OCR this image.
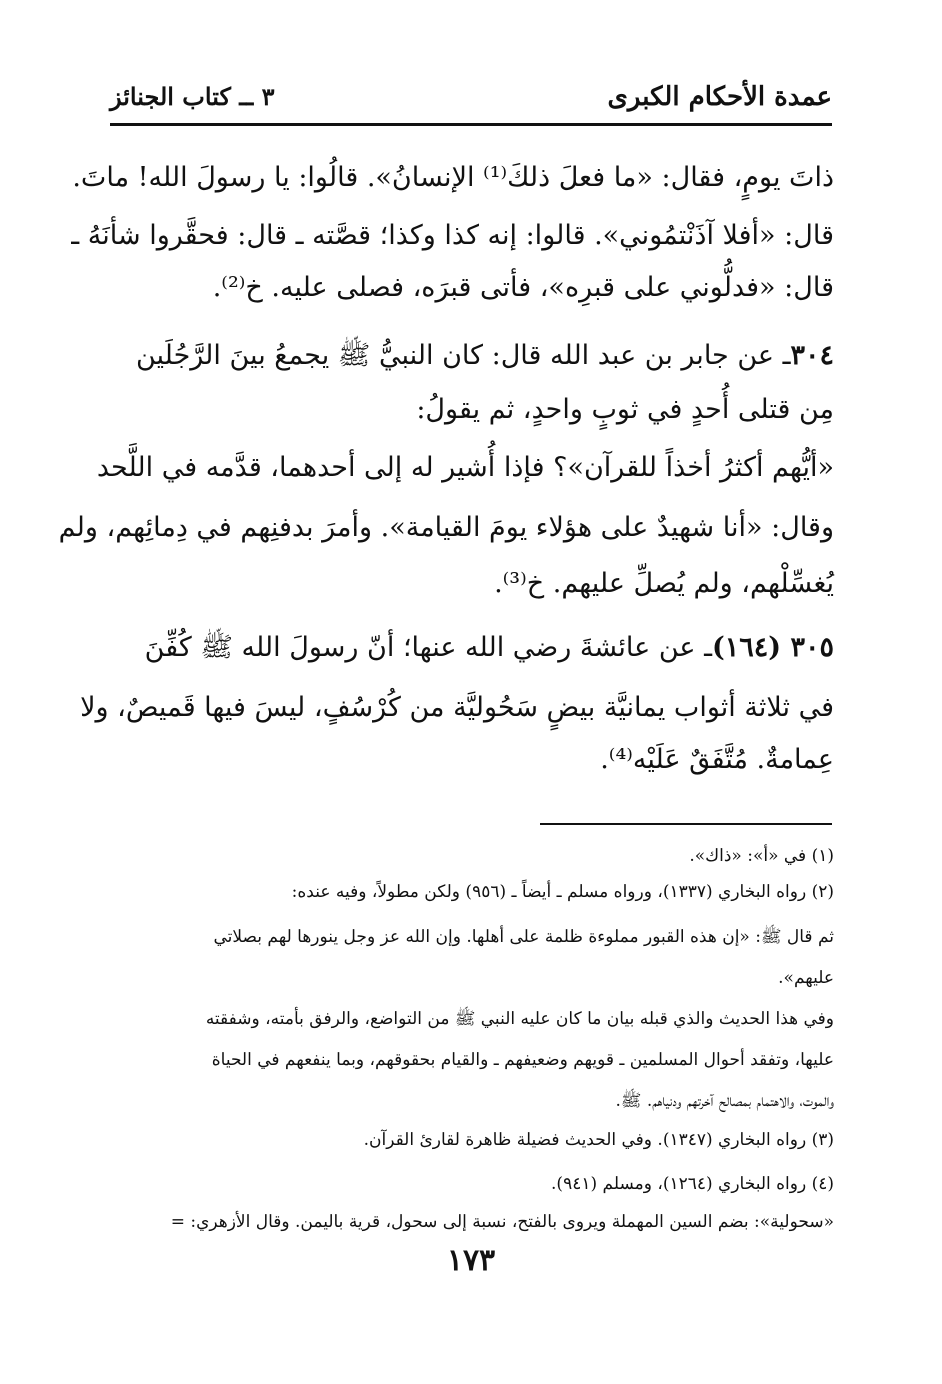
عمدة الأحكام الكبرى
٣ ــ كتاب الجنائز
ذاتَ يومٍ، فقال: «ما فعلَ ذلكَ⁽¹⁾ الإنسانُ». قالُوا: يا رسولَ الله! ماتَ.
قال: «أفلا آذَنْتمُوني». قالوا: إنه كذا وكذا؛ قصَّته ـ قال: فحقَّروا شأنَهُ ـ
قال: «فدلُّوني على قبرِه»، فأتى قبرَه، فصلى عليه. خ⁽²⁾.
٣٠٤ـ عن جابر بن عبد الله قال: كان النبيُّ ﷺ يجمعُ بينَ الرَّجُلَين
مِن قتلى أُحدٍ في ثوبٍ واحدٍ، ثم يقولُ:
«أيُّهم أكثرُ أخذاً للقرآن»؟ فإذا أُشير له إلى أحدهما، قدَّمه في اللَّحد
وقال: «أنا شهيدٌ على هؤلاء يومَ القيامة». وأمرَ بدفنِهم في دِمائِهم، ولم
يُغسِّلْهم، ولم يُصلِّ عليهم. خ⁽³⁾.
٣٠٥ (١٦٤)ـ عن عائشةَ رضي الله عنها؛ أنّ رسولَ الله ﷺ كُفِّنَ
في ثلاثة أثواب يمانيَّة بيضٍ سَحُوليَّة من كُرْسُفٍ، ليسَ فيها قَميصٌ، ولا
عِمامةٌ. مُتَّفَقٌ عَلَيْه⁽⁴⁾.
(١) في «أ»: «ذاك».
(٢) رواه البخاري (١٣٣٧)، ورواه مسلم ـ أيضاً ـ (٩٥٦) ولكن مطولاً، وفيه عنده:
ثم قال ﷺ: «إن هذه القبور مملوءة ظلمة على أهلها. وإن الله عز وجل ينورها لهم بصلاتي
عليهم».
وفي هذا الحديث والذي قبله بيان ما كان عليه النبي ﷺ من التواضع، والرفق بأمته، وشفقته
عليها، وتفقد أحوال المسلمين ـ قويهم وضعيفهم ـ والقيام بحقوقهم، وبما ينفعهم في الحياة
والموت، والاهتمام بمصالح آخرتهم ودنياهم. ﷺ.
(٣) رواه البخاري (١٣٤٧). وفي الحديث فضيلة ظاهرة لقارئ القرآن.
(٤) رواه البخاري (١٢٦٤)، ومسلم (٩٤١).
«سحولية»: بضم السين المهملة ويروى بالفتح، نسبة إلى سحول، قرية باليمن. وقال الأزهري: =
١٧٣
